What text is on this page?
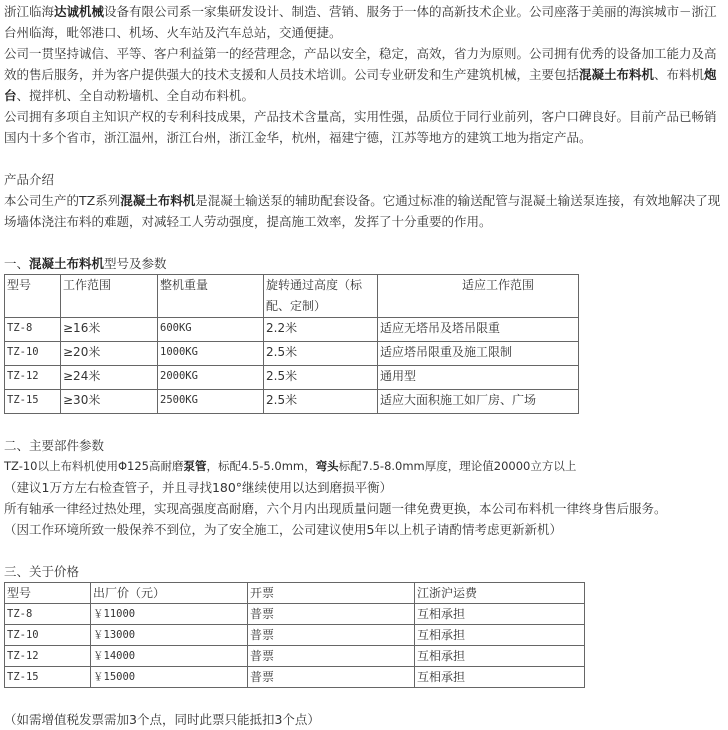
浙江临海达诚机械设备有限公司系一家集研发设计、制造、营销、服务于一体的高新技术企业。公司座落于美丽的海滨城市－浙江台州临海，毗邻港口、机场、火车站及汽车总站，交通便捷。

公司一贯坚持诚信、平等、客户利益第一的经营理念，产品以安全，稳定，高效，省力为原则。公司拥有优秀的设备加工能力及高效的售后服务，并为客户提供强大的技术支援和人员技术培训。公司专业研发和生产建筑机械，主要包括混凝土布料机、布料机炮台、搅拌机、全自动粉墙机、全自动布料机。

公司拥有多项自主知识产权的专利科技成果，产品技术含量高，实用性强，品质位于同行业前列，客户口碑良好。目前产品已畅销国内十多个省市，浙江温州，浙江台州，浙江金华，杭州，福建宁德，江苏等地方的建筑工地为指定产品。

产品介绍

本公司生产的TZ系列混凝土布料机是混凝土输送泵的辅助配套设备。它通过标准的输送配管与混凝土输送泵连接，有效地解决了现场墙体浇注布料的难题，对减轻工人劳动强度，提高施工效率，发挥了十分重要的作用。

一、混凝土布料机型号及参数

型号	工作范围	整机重量	旋转通过高度（标配、定制）	适应工作范围
TZ-8	≥16米	600KG	2.2米	适应无塔吊及塔吊限重
TZ-10	≥20米	1000KG	2.5米	适应塔吊限重及施工限制
TZ-12	≥24米	2000KG	2.5米	通用型
TZ-15	≥30米	2500KG	2.5米	适应大面积施工如厂房、广场

二、主要部件参数

TZ-10以上布料机使用Φ125高耐磨泵管，标配4.5-5.0mm，弯头标配7.5-8.0mm厚度，理论值20000立方以上

（建议1万方左右检查管子，并且寻找180°继续使用以达到磨损平衡）

所有轴承一律经过热处理，实现高强度高耐磨，六个月内出现质量问题一律免费更换，本公司布料机一律终身售后服务。

（因工作环境所致一般保养不到位，为了安全施工，公司建议使用5年以上机子请酌情考虑更新新机）

三、关于价格

型号	出厂价（元）	开票	江浙沪运费
TZ-8	￥11000	普票	互相承担
TZ-10	￥13000	普票	互相承担
TZ-12	￥14000	普票	互相承担
TZ-15	￥15000	普票	互相承担

（如需增值税发票需加3个点，同时此票只能抵扣3个点）
